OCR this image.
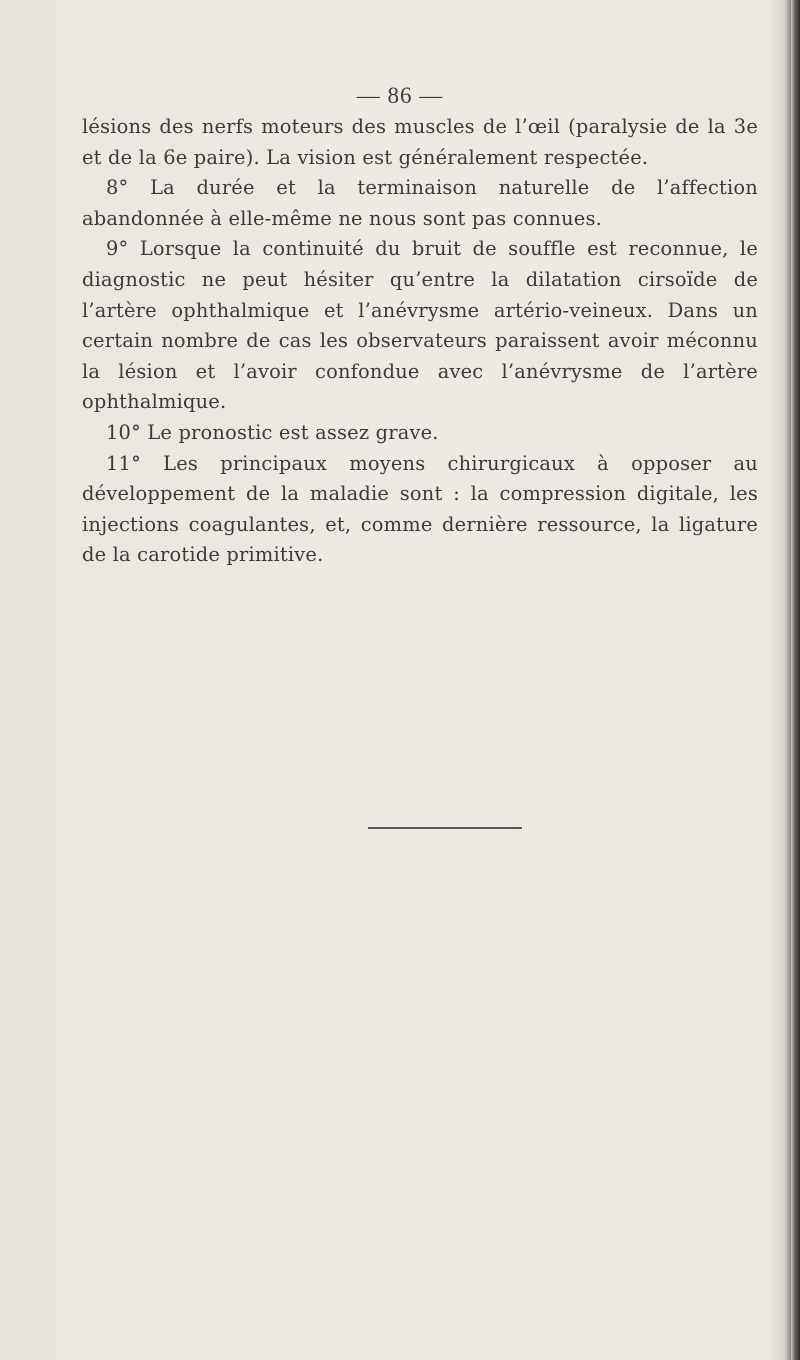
— 86 —

lésions des nerfs moteurs des muscles de l’œil (paralysie de la 3e et de la 6e paire). La vision est généralement respectée.

8° La durée et la terminaison naturelle de l’affection abandonnée à elle-même ne nous sont pas connues.

9° Lorsque la continuité du bruit de souffle est reconnue, le diagnostic ne peut hésiter qu’entre la dilatation cirsoïde de l’artère ophthalmique et l’anévrysme artério-veineux. Dans un certain nombre de cas les observateurs paraissent avoir méconnu la lésion et l’avoir confondue avec l’anévrysme de l’artère ophthalmique.

10° Le pronostic est assez grave.

11° Les principaux moyens chirurgicaux à opposer au développement de la maladie sont : la compression digitale, les injections coagulantes, et, comme dernière ressource, la ligature de la carotide primitive.
